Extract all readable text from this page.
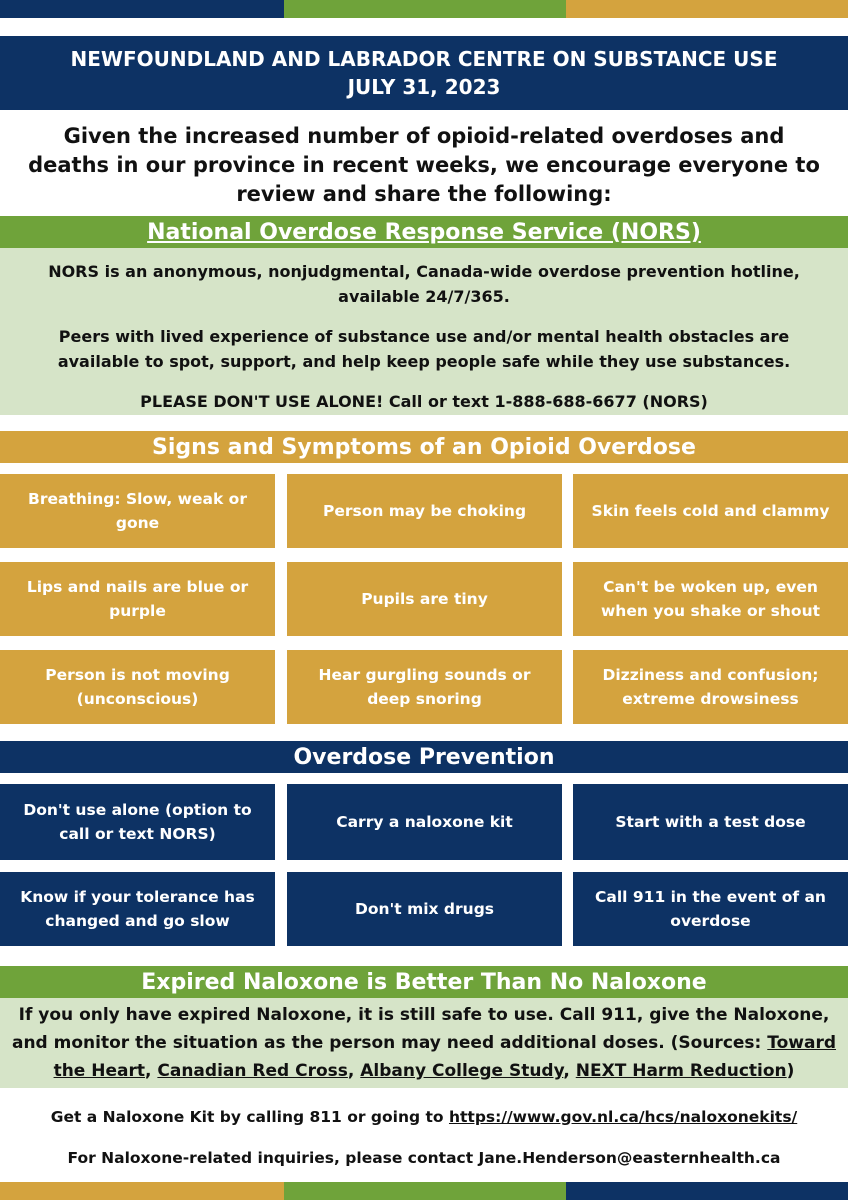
NEWFOUNDLAND AND LABRADOR CENTRE ON SUBSTANCE USE
JULY 31, 2023
Given the increased number of opioid-related overdoses and deaths in our province in recent weeks, we encourage everyone to review and share the following:
National Overdose Response Service (NORS)

NORS is an anonymous, nonjudgmental, Canada-wide overdose prevention hotline, available 24/7/365.

Peers with lived experience of substance use and/or mental health obstacles are available to spot, support, and help keep people safe while they use substances.

PLEASE DON'T USE ALONE! Call or text 1-888-688-6677 (NORS)

Signs and Symptoms of an Opioid Overdose
Breathing: Slow, weak or gone
Person may be choking	Skin feels cold and clammy
Lips and nails are blue or purple
Pupils are tiny
Can't be woken up, even when you shake or shout
Person is not moving (unconscious)
Hear gurgling sounds or deep snoring
Dizziness and confusion; extreme drowsiness
Overdose Prevention
Don't use alone (option to call or text NORS)
Carry a naloxone kit	Start with a test dose
Know if your tolerance has changed and go slow
Don't mix drugs
Call 911 in the event of an overdose
Expired Naloxone is Better Than No Naloxone
If you only have expired Naloxone, it is still safe to use. Call 911, give the Naloxone, and monitor the situation as the person may need additional doses. (Sources: Toward the Heart, Canadian Red Cross, Albany College Study, NEXT Harm Reduction)
Get a Naloxone Kit by calling 811 or going to https://www.gov.nl.ca/hcs/naloxonekits/
For Naloxone-related inquiries, please contact Jane.Henderson@easternhealth.ca
